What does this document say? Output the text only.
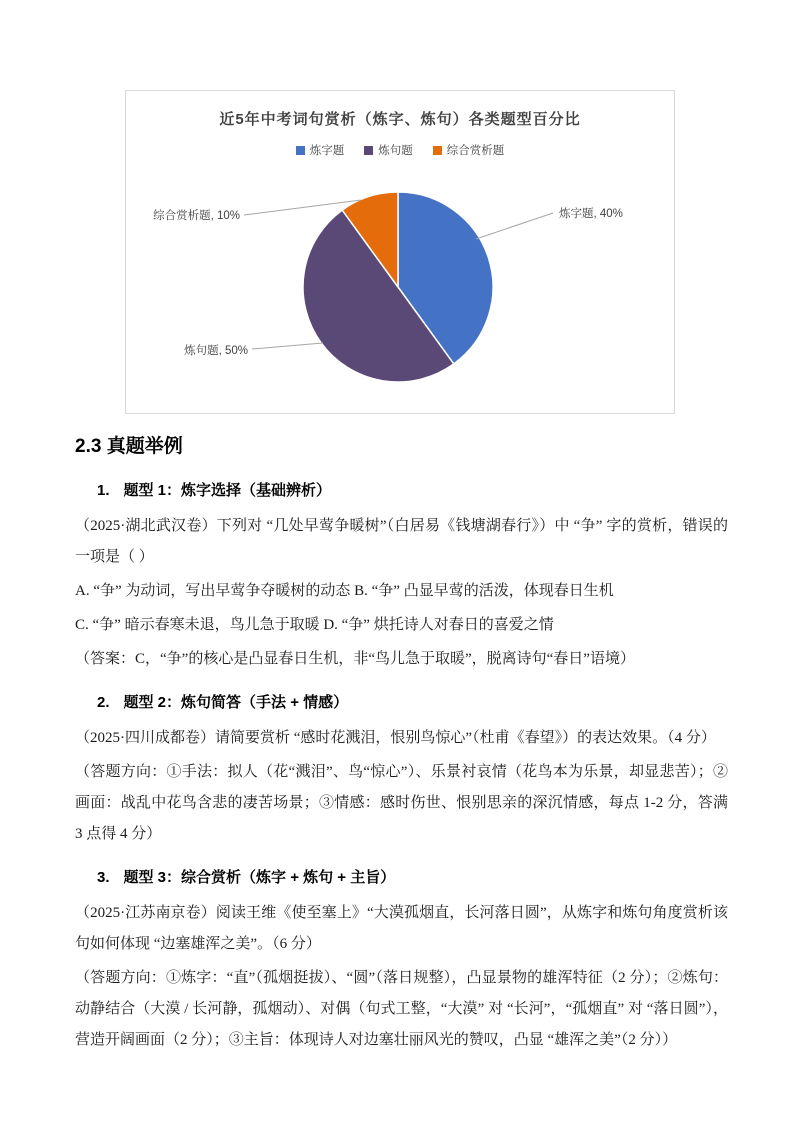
近5年中考词句赏析（炼字、炼句）各类题型百分比
炼字题	炼句题	综合赏析题
炼字题, 40%
综合赏析题, 10%
炼句题, 50%
2.3 真题举例
1. 题型 1：炼字选择（基础辨析）

（2025·湖北武汉卷）下列对 “几处早莺争暖树”（白居易《钱塘湖春行》）中 “争” 字的赏析，错误的一项是（ ）

A. “争” 为动词，写出早莺争夺暖树的动态 B. “争” 凸显早莺的活泼，体现春日生机

C. “争” 暗示春寒未退，鸟儿急于取暖 D. “争” 烘托诗人对春日的喜爱之情

（答案：C，“争”的核心是凸显春日生机，非“鸟儿急于取暖”，脱离诗句“春日”语境）

2. 题型 2：炼句简答（手法 + 情感）

（2025·四川成都卷）请简要赏析 “感时花溅泪，恨别鸟惊心”（杜甫《春望》）的表达效果。（4 分）

（答题方向：①手法：拟人（花“溅泪”、鸟“惊心”）、乐景衬哀情（花鸟本为乐景，却显悲苦）；②画面：战乱中花鸟含悲的凄苦场景；③情感：感时伤世、恨别思亲的深沉情感，每点 1-2 分，答满 3 点得 4 分）

3. 题型 3：综合赏析（炼字 + 炼句 + 主旨）

（2025·江苏南京卷）阅读王维《使至塞上》“大漠孤烟直，长河落日圆”，从炼字和炼句角度赏析该句如何体现 “边塞雄浑之美”。（6 分）

（答题方向：①炼字：“直”（孤烟挺拔）、“圆”（落日规整），凸显景物的雄浑特征（2 分）；②炼句：动静结合（大漠 / 长河静，孤烟动）、对偶（句式工整，“大漠” 对 “长河”，“孤烟直” 对 “落日圆”），营造开阔画面（2 分）；③主旨：体现诗人对边塞壮丽风光的赞叹，凸显 “雄浑之美”（2 分））
